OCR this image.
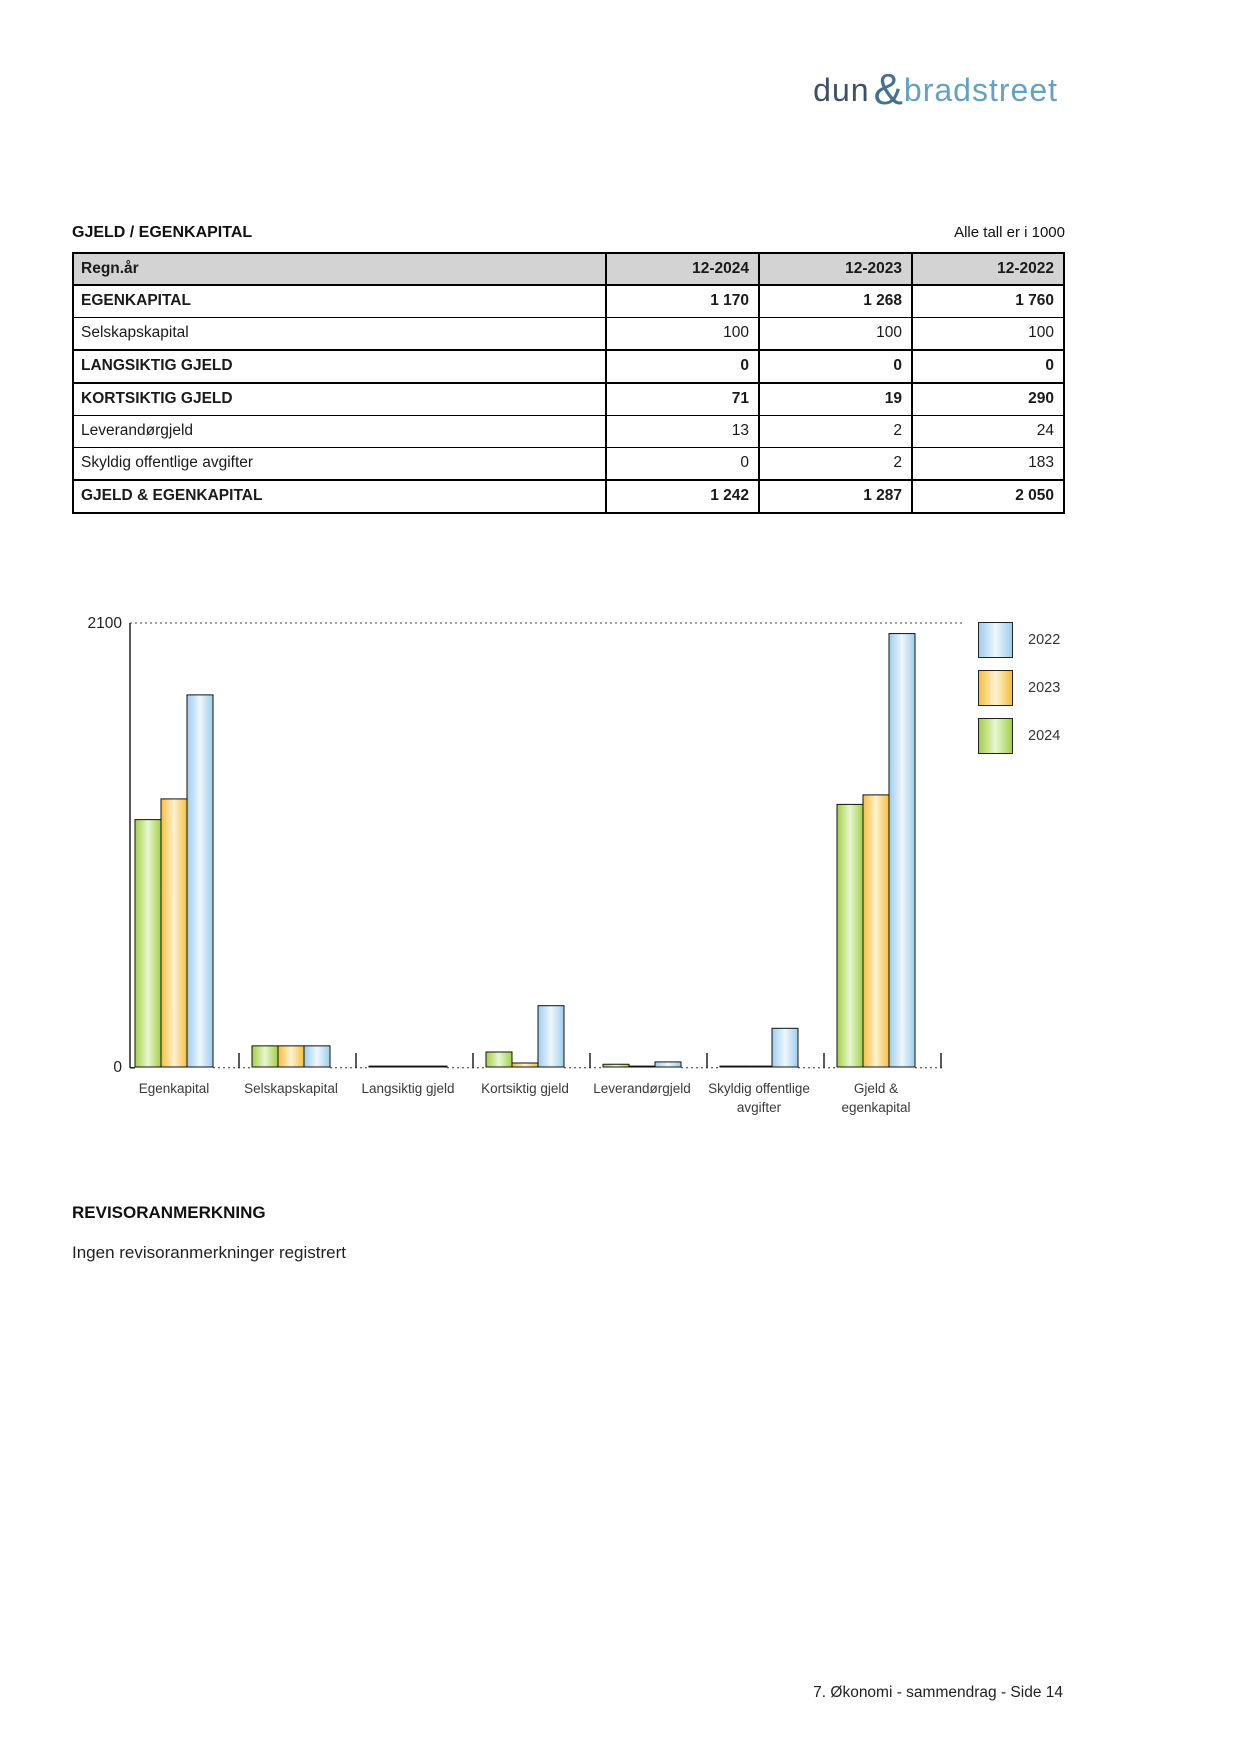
dun & bradstreet
GJELD / EGENKAPITAL	Alle tall er i 1000
Regn.år	12-2024	12-2023	12-2022
EGENKAPITAL	1 170	1 268	1 760
Selskapskapital	100	100	100
LANGSIKTIG GJELD	0	0	0
KORTSIKTIG GJELD	71	19	290
Leverandørgjeld	13	2	24
Skyldig offentlige avgifter	0	2	183
GJELD & EGENKAPITAL	1 242	1 287	2 050
2100
0
Egenkapital	Selskapskapital Langsiktig gjeld Kortsiktig gjeld Leverandørgjeld Skyldig offentlige
avgifter
Gjeld &
egenkapital
2022
2023
2024
REVISORANMERKNING

Ingen revisoranmerkninger registrert

7. Økonomi - sammendrag - Side 14
